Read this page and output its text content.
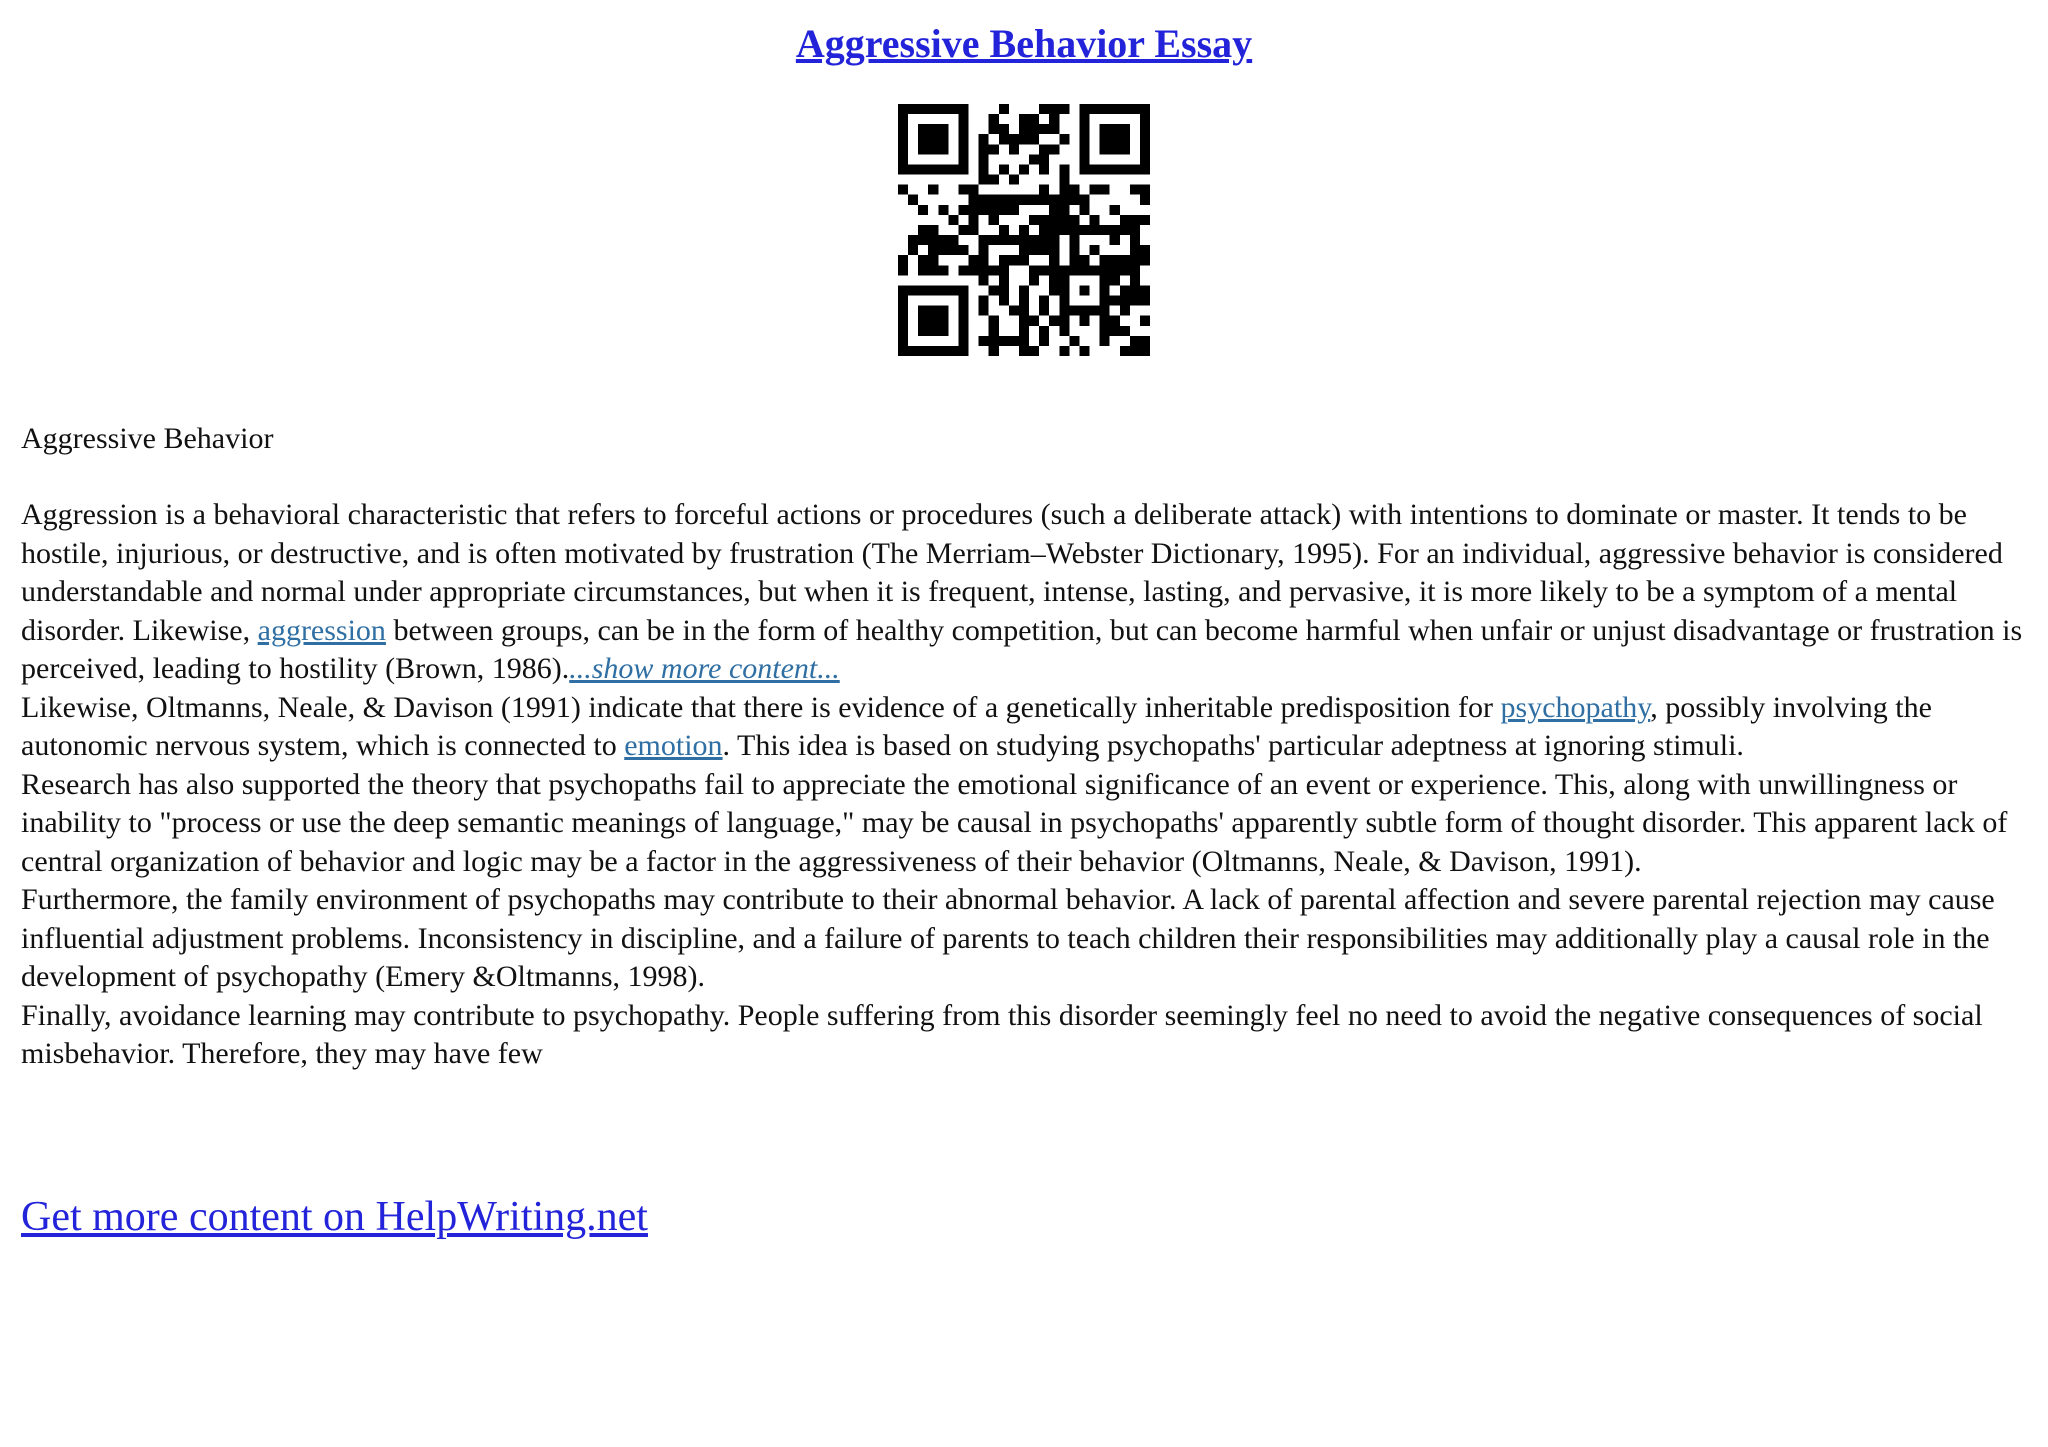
Aggressive Behavior Essay
Aggressive Behavior

Aggression is a behavioral characteristic that refers to forceful actions or procedures (such a deliberate attack) with intentions to dominate or master. It tends to be hostile, injurious, or destructive, and is often motivated by frustration (The Merriam–Webster Dictionary, 1995). For an individual, aggressive behavior is considered understandable and normal under appropriate circumstances, but when it is frequent, intense, lasting, and pervasive, it is more likely to be a symptom of a mental disorder. Likewise, aggression between groups, can be in the form of healthy competition, but can become harmful when unfair or unjust disadvantage or frustration is perceived, leading to hostility (Brown, 1986)....show more content...

Likewise, Oltmanns, Neale, & Davison (1991) indicate that there is evidence of a genetically inheritable predisposition for psychopathy, possibly involving the autonomic nervous system, which is connected to emotion. This idea is based on studying psychopaths' particular adeptness at ignoring stimuli.

Research has also supported the theory that psychopaths fail to appreciate the emotional significance of an event or experience. This, along with unwillingness or inability to "process or use the deep semantic meanings of language," may be causal in psychopaths' apparently subtle form of thought disorder. This apparent lack of central organization of behavior and logic may be a factor in the aggressiveness of their behavior (Oltmanns, Neale, & Davison, 1991).

Furthermore, the family environment of psychopaths may contribute to their abnormal behavior. A lack of parental affection and severe parental rejection may cause influential adjustment problems. Inconsistency in discipline, and a failure of parents to teach children their responsibilities may additionally play a causal role in the development of psychopathy (Emery &Oltmanns, 1998).

Finally, avoidance learning may contribute to psychopathy. People suffering from this disorder seemingly feel no need to avoid the negative consequences of social misbehavior. Therefore, they may have few

Get more content on HelpWriting.net
